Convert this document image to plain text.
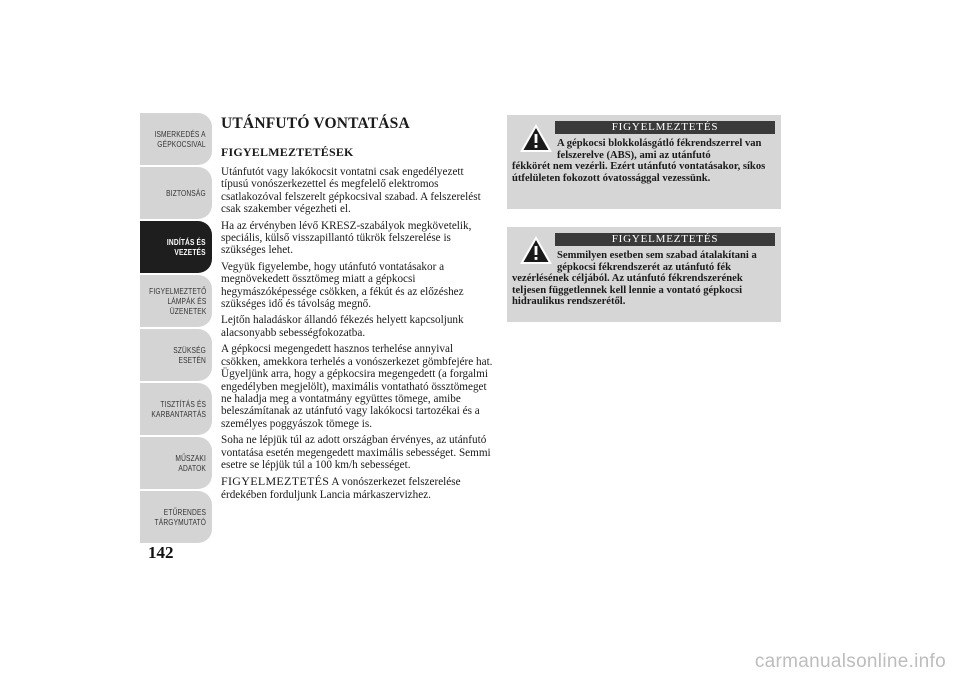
ISMERKEDÉS A
GÉPKOCSIVAL
BIZTONSÁG
INDÍTÁS ÉS
VEZETÉS
FIGYELMEZTETŐ
LÁMPÁK ÉS
ÜZENETEK
SZÜKSÉG ESETÉN
TISZTÍTÁS ÉS
KARBANTARTÁS
MŰSZAKI ADATOK
ETŰRENDES
TÁRGYMUTATÓ
142
UTÁNFUTÓ VONTATÁSA
FIGYELMEZTETÉSEK

Utánfutót vagy lakókocsit vontatni csak engedélyezett típusú vonószerkezettel és megfelelő elektromos csatlakozóval felszerelt gépkocsival szabad. A felszerelést csak szakember végezheti el.

Ha az érvényben lévő KRESZ-szabályok megkövetelik, speciális, külső visszapillantó tükrök felszerelése is szükséges lehet.

Vegyük figyelembe, hogy utánfutó vontatásakor a megnövekedett össztömeg miatt a gépkocsi hegymászóképessége csökken, a fékút és az előzéshez szükséges idő és távolság megnő.

Lejtőn haladáskor állandó fékezés helyett kapcsoljunk alacsonyabb sebességfokozatba.

A gépkocsi megengedett hasznos terhelése annyival csökken, amekkora terhelés a vonószerkezet gömbfejére hat. Ügyeljünk arra, hogy a gépkocsira megengedett (a forgalmi engedélyben megjelölt), maximális vontatható össztömeget ne haladja meg a vontatmány együttes tömege, amibe beleszámítanak az utánfutó vagy lakókocsi tartozékai és a személyes poggyászok tömege is.

Soha ne lépjük túl az adott országban érvényes, az utánfutó vontatása esetén megengedett maximális sebességet. Semmi esetre se lépjük túl a 100 km/h sebességet.

FIGYELMEZTETÉS A vonószerkezet felszerelése érdekében forduljunk Lancia márkaszervizhez.

FIGYELMEZTETÉS
A gépkocsi blokkolásgátló fékrendszerrel van felszerelve (ABS), ami az utánfutó
fékkörét nem vezérli. Ezért utánfutó vontatásakor, síkos útfelületen fokozott óvatossággal vezessünk.
FIGYELMEZTETÉS
Semmilyen esetben sem szabad átalakítani a gépkocsi fékrendszerét az utánfutó fék
vezérlésének céljából. Az utánfutó fékrendszerének teljesen függetlennek kell lennie a vontató gépkocsi hidraulikus rendszerétől.
carmanualsonline.info
